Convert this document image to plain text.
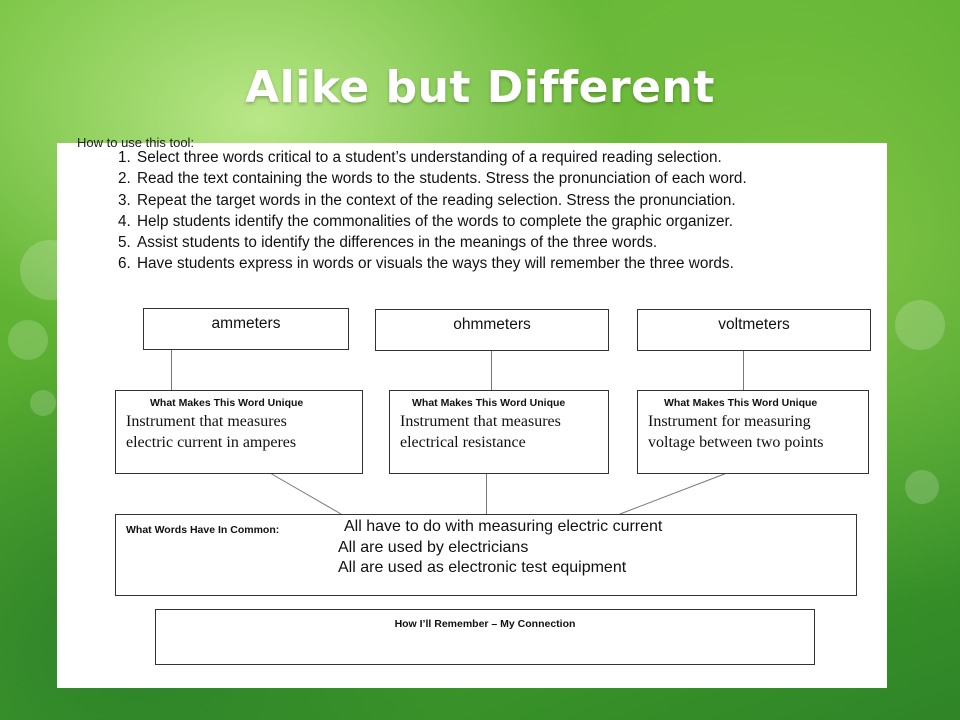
Alike but Different
How to use this tool:
1. Select three words critical to a student’s understanding of a required reading selection.
2. Read the text containing the words to the students. Stress the pronunciation of each word.
3. Repeat the target words in the context of the reading selection. Stress the pronunciation.
4. Help students identify the commonalities of the words to complete the graphic organizer.
5. Assist students to identify the differences in the meanings of the three words.
6. Have students express in words or visuals the ways they will remember the three words.
ammeters	ohmmeters	voltmeters
What Makes This Word Unique
Instrument that measures
electric current in amperes
What Makes This Word Unique
Instrument that measures
electrical resistance
What Makes This Word Unique
Instrument for measuring
voltage between two points
What Words Have In Common:	All have to do with measuring electric current
All are used by electricians
All are used as electronic test equipment
How I’ll Remember – My Connection
